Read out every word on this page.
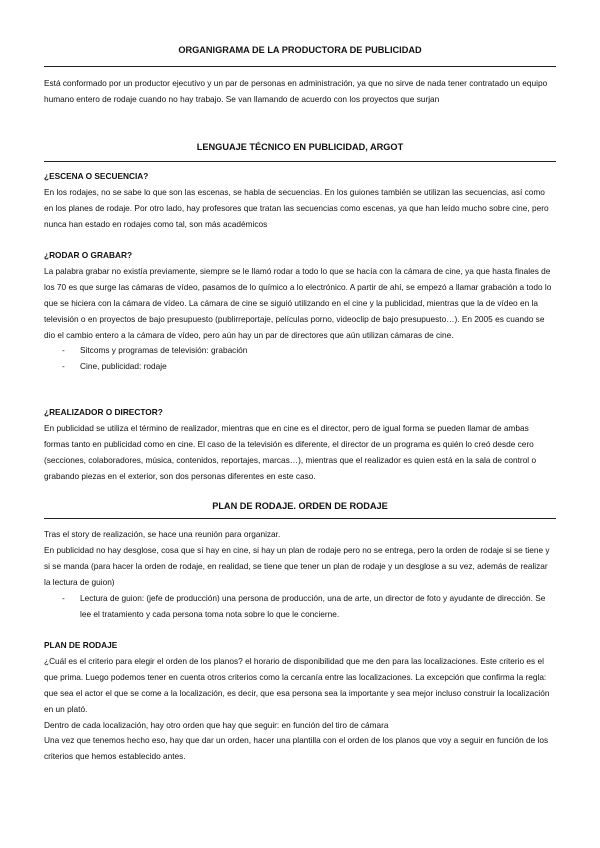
ORGANIGRAMA DE LA PRODUCTORA DE PUBLICIDAD
Está conformado por un productor ejecutivo y un par de personas en administración, ya que no sirve de nada tener contratado un equipo humano entero de rodaje cuando no hay trabajo. Se van llamando de acuerdo con los proyectos que surjan
LENGUAJE TÉCNICO EN PUBLICIDAD, ARGOT
¿ESCENA O SECUENCIA?
En los rodajes, no se sabe lo que son las escenas, se habla de secuencias. En los guiones también se utilizan las secuencias, así como en los planes de rodaje. Por otro lado, hay profesores que tratan las secuencias como escenas, ya que han leído mucho sobre cine, pero nunca han estado en rodajes como tal, son más académicos
¿RODAR O GRABAR?
La palabra grabar no existía previamente, siempre se le llamó rodar a todo lo que se hacía con la cámara de cine, ya que hasta finales de los 70 es que surge las cámaras de vídeo, pasamos de lo químico a lo electrónico. A partir de ahí, se empezó a llamar grabación a todo lo que se hiciera con la cámara de vídeo. La cámara de cine se siguió utilizando en el cine y la publicidad, mientras que la de vídeo en la televisión o en proyectos de bajo presupuesto (publirreportaje, películas porno, videoclip de bajo presupuesto…). En 2005 es cuando se dio el cambio entero a la cámara de vídeo, pero aún hay un par de directores que aún utilizan cámaras de cine.
- Sitcoms y programas de televisión: grabación
- Cine, publicidad: rodaje
¿REALIZADOR O DIRECTOR?
En publicidad se utiliza el término de realizador, mientras que en cine es el director, pero de igual forma se pueden llamar de ambas formas tanto en publicidad como en cine. El caso de la televisión es diferente, el director de un programa es quién lo creó desde cero (secciones, colaboradores, música, contenidos, reportajes, marcas…), mientras que el realizador es quien está en la sala de control o grabando piezas en el exterior, son dos personas diferentes en este caso.
PLAN DE RODAJE. ORDEN DE RODAJE
Tras el story de realización, se hace una reunión para organizar.
En publicidad no hay desglose, cosa que sí hay en cine, si hay un plan de rodaje pero no se entrega, pero la orden de rodaje si se tiene y si se manda (para hacer la orden de rodaje, en realidad, se tiene que tener un plan de rodaje y un desglose a su vez, además de realizar la lectura de guion)
- Lectura de guion: (jefe de producción) una persona de producción, una de arte, un director de foto y ayudante de dirección. Se lee el tratamiento y cada persona toma nota sobre lo que le concierne.
PLAN DE RODAJE
¿Cuál es el criterio para elegir el orden de los planos? el horario de disponibilidad que me den para las localizaciones. Este criterio es el que prima. Luego podemos tener en cuenta otros criterios como la cercanía entre las localizaciones. La excepción que confirma la regla: que sea el actor el que se come a la localización, es decir, que esa persona sea la importante y sea mejor incluso construir la localización en un plató.
Dentro de cada localización, hay otro orden que hay que seguir: en función del tiro de cámara
Una vez que tenemos hecho eso, hay que dar un orden, hacer una plantilla con el orden de los planos que voy a seguir en función de los criterios que hemos establecido antes.
